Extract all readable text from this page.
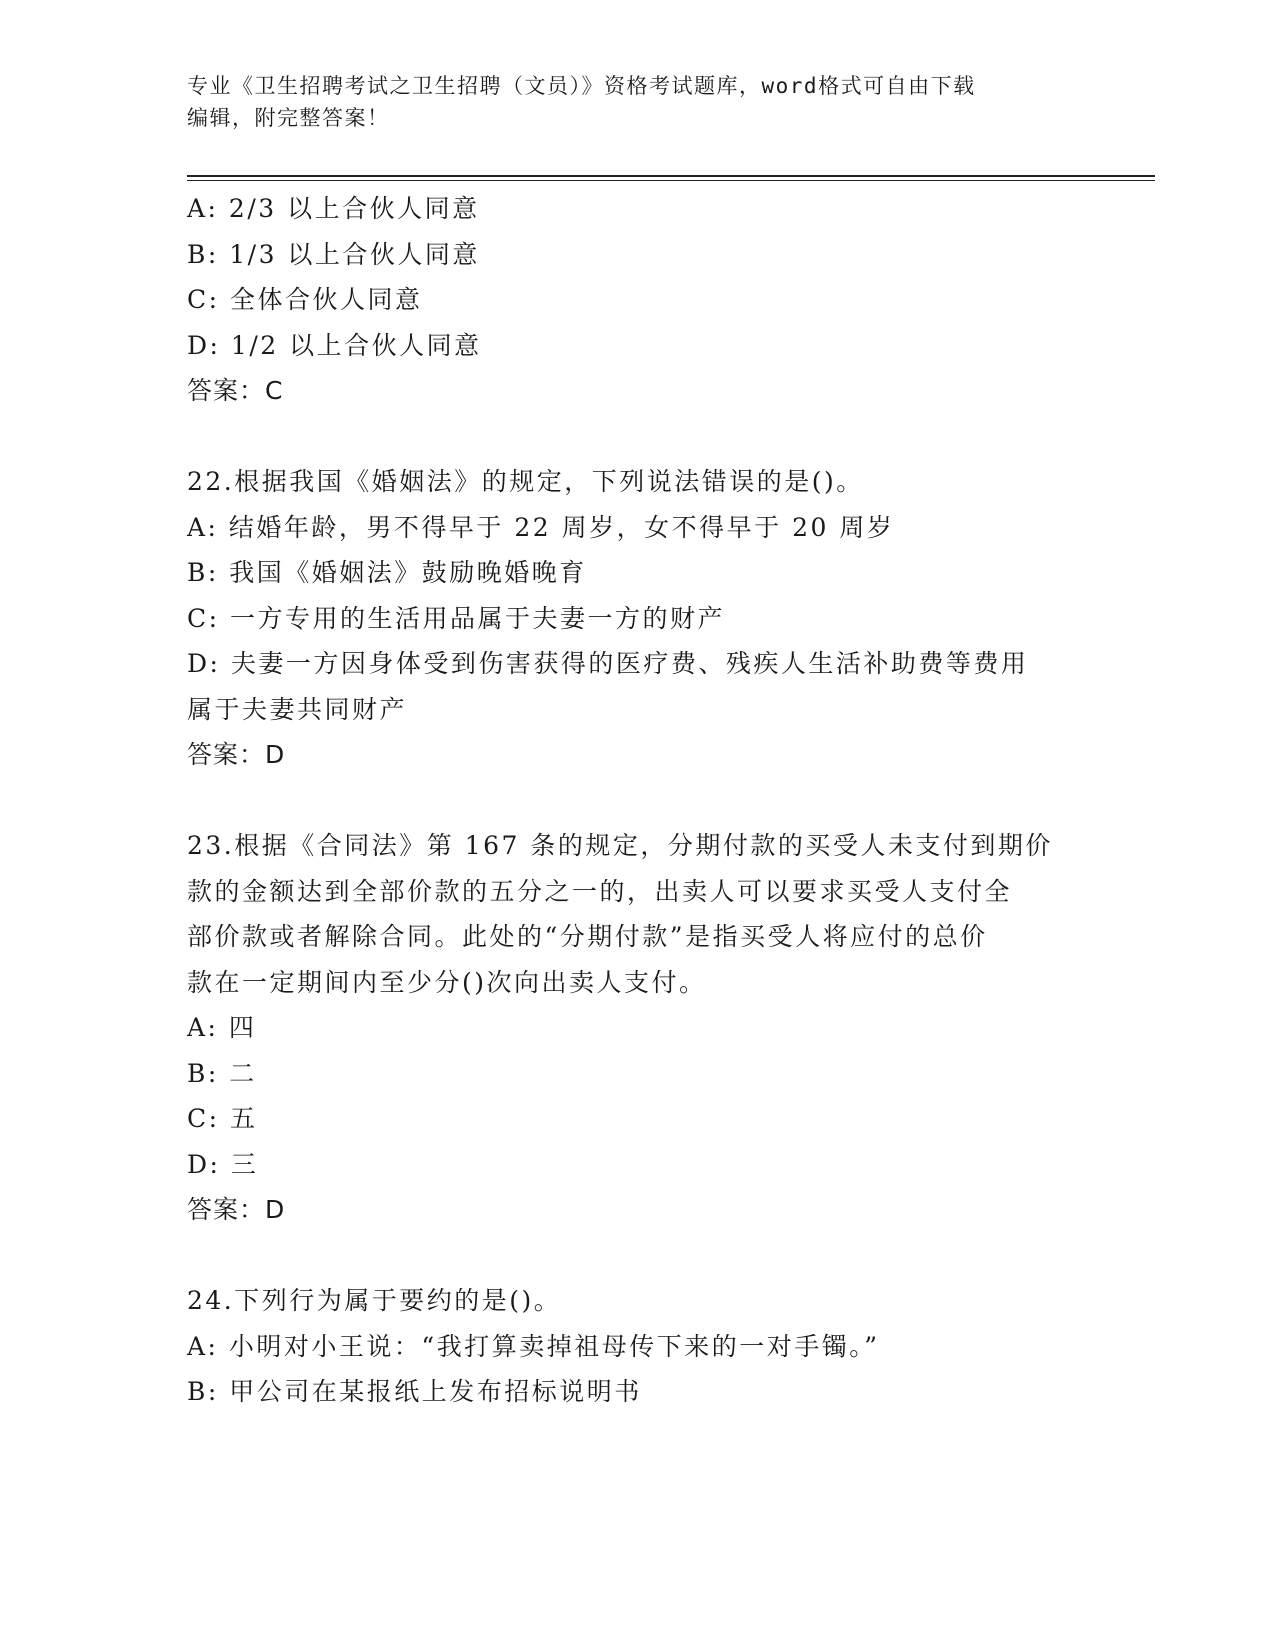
专业《卫生招聘考试之卫生招聘（文员）》资格考试题库，word格式可自由下载
编辑，附完整答案！
A: 2/3 以上合伙人同意
B: 1/3 以上合伙人同意
C: 全体合伙人同意
D: 1/2 以上合伙人同意
答案：C
22.根据我国《婚姻法》的规定，下列说法错误的是()。
A: 结婚年龄，男不得早于 22 周岁，女不得早于 20 周岁
B: 我国《婚姻法》鼓励晚婚晚育
C: 一方专用的生活用品属于夫妻一方的财产
D: 夫妻一方因身体受到伤害获得的医疗费、残疾人生活补助费等费用
属于夫妻共同财产
答案：D
23.根据《合同法》第 167 条的规定，分期付款的买受人未支付到期价
款的金额达到全部价款的五分之一的，出卖人可以要求买受人支付全
部价款或者解除合同。此处的“分期付款”是指买受人将应付的总价
款在一定期间内至少分()次向出卖人支付。
A: 四
B: 二
C: 五
D: 三
答案：D
24.下列行为属于要约的是()。
A: 小明对小王说：“我打算卖掉祖母传下来的一对手镯。”
B: 甲公司在某报纸上发布招标说明书
